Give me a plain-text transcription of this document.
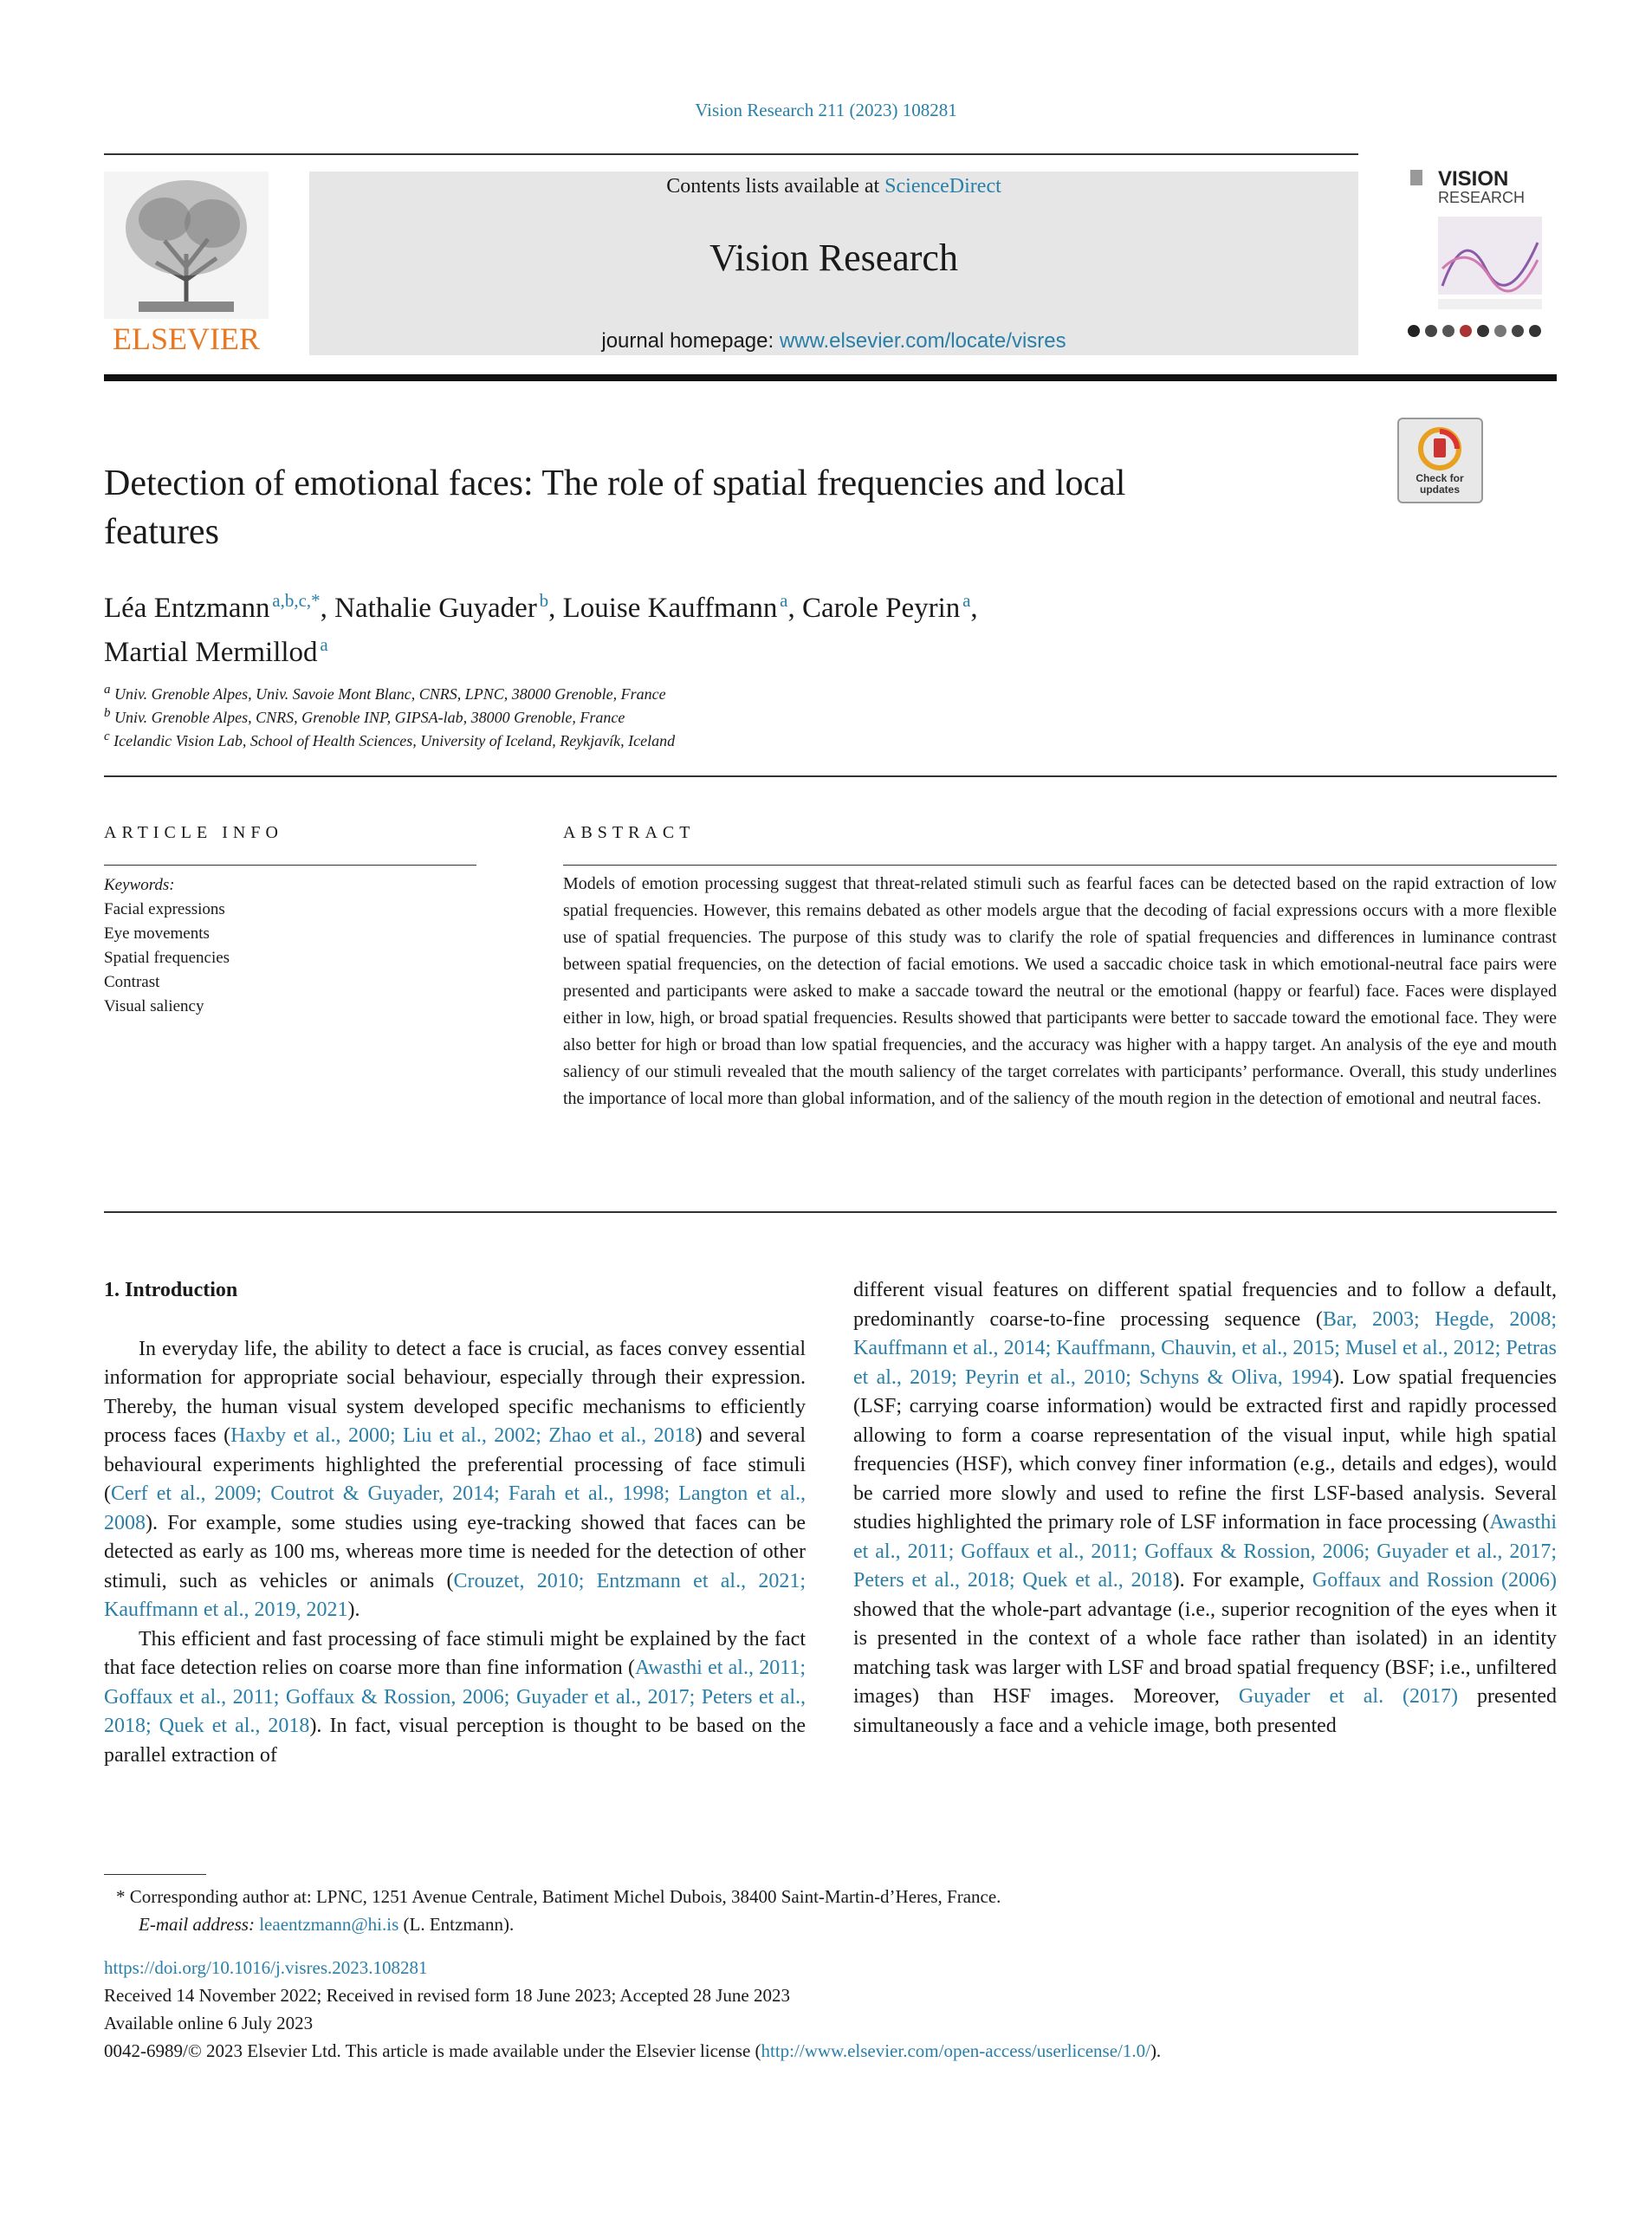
Vision Research 211 (2023) 108281
ELSEVIER
Contents lists available at ScienceDirect
Vision Research
journal homepage: www.elsevier.com/locate/visres
VISION
RESEARCH
Check for
updates
Detection of emotional faces: The role of spatial frequencies and local features
Léa Entzmann  $^{a,b,c,*}$, Nathalie Guyader  $^b$, Louise Kauffmann  $^a$, Carole Peyrin  $^a$,
Martial Mermillod  $^a$
$^a$ Univ. Grenoble Alpes, Univ. Savoie Mont Blanc, CNRS, LPNC, 38000 Grenoble, France
$^b$ Univ. Grenoble Alpes, CNRS, Grenoble INP, GIPSA-lab, 38000 Grenoble, France
$^c$ Icelandic Vision Lab, School of Health Sciences, University of Iceland, Reykjavík, Iceland
ARTICLE INFO	ABSTRACT
Keywords:
Facial expressions
Eye movements
Spatial frequencies
Contrast
Visual saliency
Models of emotion processing suggest that threat-related stimuli such as fearful faces can be detected based on the rapid extraction of low spatial frequencies. However, this remains debated as other models argue that the decoding of facial expressions occurs with a more flexible use of spatial frequencies. The purpose of this study was to clarify the role of spatial frequencies and differences in luminance contrast between spatial frequencies, on the detection of facial emotions. We used a saccadic choice task in which emotional-neutral face pairs were presented and participants were asked to make a saccade toward the neutral or the emotional (happy or fearful) face. Faces were displayed either in low, high, or broad spatial frequencies. Results showed that participants were better to saccade toward the emotional face. They were also better for high or broad than low spatial frequencies, and the accuracy was higher with a happy target. An analysis of the eye and mouth saliency of our stimuli revealed that the mouth saliency of the target correlates with participants’ performance. Overall, this study underlines the importance of local more than global information, and of the saliency of the mouth region in the detection of emotional and neutral faces.
1. Introduction

In everyday life, the ability to detect a face is crucial, as faces convey essential information for appropriate social behaviour, especially through their expression. Thereby, the human visual system developed specific mechanisms to efficiently process faces (Haxby et al., 2000; Liu et al., 2002; Zhao et al., 2018) and several behavioural experiments highlighted the preferential processing of face stimuli (Cerf et al., 2009; Coutrot & Guyader, 2014; Farah et al., 1998; Langton et al., 2008). For example, some studies using eye-tracking showed that faces can be detected as early as 100 ms, whereas more time is needed for the detection of other stimuli, such as vehicles or animals (Crouzet, 2010; Entzmann et al., 2021; Kauffmann et al., 2019, 2021).

This efficient and fast processing of face stimuli might be explained by the fact that face detection relies on coarse more than fine information (Awasthi et al., 2011; Goffaux et al., 2011; Goffaux & Rossion, 2006; Guyader et al., 2017; Peters et al., 2018; Quek et al., 2018). In fact, visual perception is thought to be based on the parallel extraction of

different visual features on different spatial frequencies and to follow a default, predominantly coarse-to-fine processing sequence (Bar, 2003; Hegde, 2008; Kauffmann et al., 2014; Kauffmann, Chauvin, et al., 2015; Musel et al., 2012; Petras et al., 2019; Peyrin et al., 2010; Schyns & Oliva, 1994). Low spatial frequencies (LSF; carrying coarse information) would be extracted first and rapidly processed allowing to form a coarse representation of the visual input, while high spatial frequencies (HSF), which convey finer information (e.g., details and edges), would be carried more slowly and used to refine the first LSF-based analysis. Several studies highlighted the primary role of LSF information in face processing (Awasthi et al., 2011; Goffaux et al., 2011; Goffaux & Rossion, 2006; Guyader et al., 2017; Peters et al., 2018; Quek et al., 2018). For example, Goffaux and Rossion (2006) showed that the whole-part advantage (i.e., superior recognition of the eyes when it is presented in the context of a whole face rather than isolated) in an identity matching task was larger with LSF and broad spatial frequency (BSF; i.e., unfiltered images) than HSF images. Moreover, Guyader et al. (2017) presented simultaneously a face and a vehicle image, both presented

* Corresponding author at: LPNC, 1251 Avenue Centrale, Batiment Michel Dubois, 38400 Saint-Martin-d’Heres, France.
E-mail address: leaentzmann@hi.is (L. Entzmann).
https://doi.org/10.1016/j.visres.2023.108281
Received 14 November 2022; Received in revised form 18 June 2023; Accepted 28 June 2023
Available online 6 July 2023
0042-6989/© 2023 Elsevier Ltd. This article is made available under the Elsevier license (http://www.elsevier.com/open-access/userlicense/1.0/).
